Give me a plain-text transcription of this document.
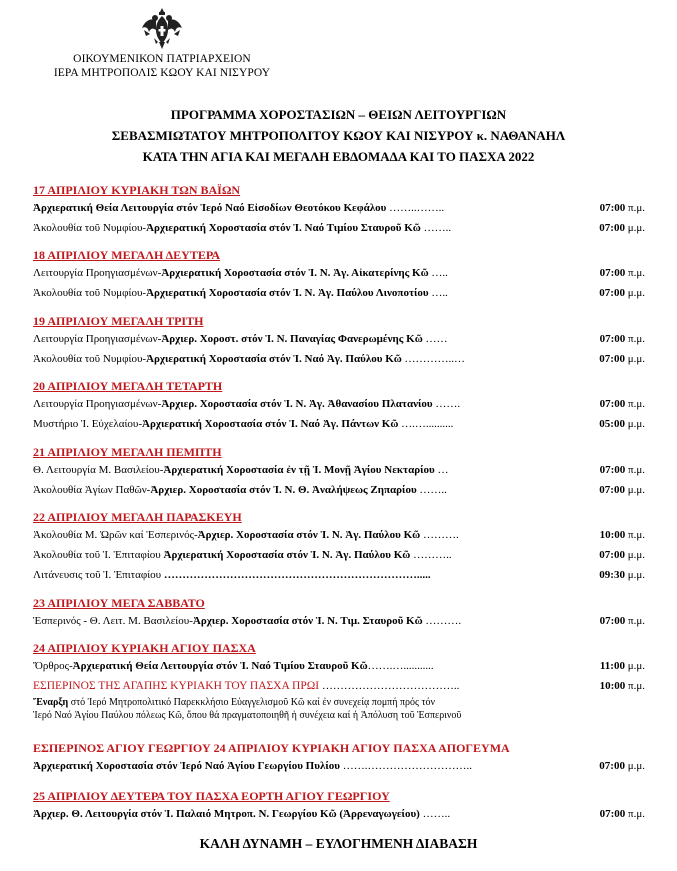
ΟΙΚΟΥΜΕΝΙΚΟΝ ΠΑΤΡΙΑΡΧΕΙΟΝ
ΙΕΡΑ ΜΗΤΡΟΠΟΛΙΣ ΚΩΟΥ ΚΑΙ ΝΙΣΥΡΟΥ
ΠΡΟΓΡΑΜΜΑ ΧΟΡΟΣΤΑΣΙΩΝ – ΘΕΙΩΝ ΛΕΙΤΟΥΡΓΙΩΝ
ΣΕΒΑΣΜΙΩΤΑΤΟΥ ΜΗΤΡΟΠΟΛΙΤΟΥ ΚΩΟΥ ΚΑΙ ΝΙΣΥΡΟΥ κ. ΝΑΘΑΝΑΗΛ
ΚΑΤΑ ΤΗΝ ΑΓΙΑ ΚΑΙ ΜΕΓΑΛΗ ΕΒΔΟΜΑΔΑ ΚΑΙ ΤΟ ΠΑΣΧΑ 2022
17 ΑΠΡΙΛΙΟΥ ΚΥΡΙΑΚΗ ΤΩΝ ΒΑΪΩΝ
Ἀρχιερατική Θεία Λειτουργία στόν Ἱερό Ναό Εἰσοδίων Θεοτόκου Κεφάλου ……..……..	07:00 π.μ.
Ἀκολουθία τοῦ Νυμφίου-Ἀρχιερατική Χοροστασία στόν Ἱ. Ναό Τιμίου Σταυροῦ Κῶ ……..	07:00 μ.μ.
18 ΑΠΡΙΛΙΟΥ ΜΕΓΑΛΗ ΔΕΥΤΕΡΑ
Λειτουργία Προηγιασμένων-Ἀρχιερατική Χοροστασία στόν Ἱ. Ν. Ἁγ. Αἰκατερίνης Κῶ …..	07:00 π.μ.
Ἀκολουθία τοῦ Νυμφίου-Ἀρχιερατική Χοροστασία στόν Ἱ. Ν. Ἁγ. Παύλου Λινοποτίου …..	07:00 μ.μ.
19 ΑΠΡΙΛΙΟΥ ΜΕΓΑΛΗ ΤΡΙΤΗ
Λειτουργία Προηγιασμένων-Ἀρχιερ. Χοροστ. στόν Ἱ. Ν. Παναγίας Φανερωμένης Κῶ ……	07:00 π.μ.
Ἀκολουθία τοῦ Νυμφίου-Ἀρχιερατική Χοροστασία στόν Ἱ. Ναό Ἁγ. Παύλου Κῶ …………..…	07:00 μ.μ.
20 ΑΠΡΙΛΙΟΥ ΜΕΓΑΛΗ ΤΕΤΑΡΤΗ
Λειτουργία Προηγιασμένων-Ἀρχιερ. Χοροστασία στόν Ἱ. Ν. Ἁγ. Ἀθανασίου Πλατανίου …….	07:00 π.μ.
Μυστήριο Ἱ. Εὐχελαίου-Ἀρχιερατική Χοροστασία στόν Ἱ. Ναό Ἁγ. Πάντων Κῶ ….…..........	05:00 μ.μ.
21 ΑΠΡΙΛΙΟΥ ΜΕΓΑΛΗ ΠΕΜΠΤΗ
Θ. Λειτουργία Μ. Βασιλείου-Ἀρχιερατική Χοροστασία ἐν τῇ Ἱ. Μονῇ Ἁγίου Νεκταρίου …	07:00 π.μ.
Ἀκολουθία Ἁγίων Παθῶν-Ἀρχιερ. Χοροστασία στόν Ἱ. Ν. Θ. Ἀναλήψεως Ζηπαρίου ……..	07:00 μ.μ.
22 ΑΠΡΙΛΙΟΥ ΜΕΓΑΛΗ ΠΑΡΑΣΚΕΥΗ
Ἀκολουθία Μ. Ὡρῶν καί Ἑσπερινός-Ἀρχιερ. Χοροστασία στόν Ἱ. Ν. Ἁγ. Παύλου Κῶ ……….	10:00 π.μ.
Ἀκολουθία τοῦ Ἱ. Ἐπιταφίου Ἀρχιερατική Χοροστασία στόν Ἱ. Ν. Ἁγ. Παύλου Κῶ ………..	07:00 μ.μ.
Λιτάνευσις τοῦ Ἱ. Ἐπιταφίου …………………………………………………………….....	09:30 μ.μ.
23 ΑΠΡΙΛΙΟΥ ΜΕΓΑ ΣΑΒΒΑΤΟ
Ἑσπερινός - Θ. Λειτ. Μ. Βασιλείου-Ἀρχιερ. Χοροστασία στόν Ἱ. Ν. Τιμ. Σταυροῦ Κῶ ……….	07:00 π.μ.
24 ΑΠΡΙΛΙΟΥ ΚΥΡΙΑΚΗ ΑΓΙΟΥ ΠΑΣΧΑ
Ὄρθρος-Ἀρχιερατική Θεία Λειτουργία στόν Ἱ. Ναό Τιμίου Σταυροῦ Κῶ…….…...........	11:00 μ.μ.
ΕΣΠΕΡΙΝΟΣ ΤΗΣ ΑΓΑΠΗΣ ΚΥΡΙΑΚΗ ΤΟΥ ΠΑΣΧΑ ΠΡΩΙ ………………………………..	10:00 π.μ.
Ἔναρξη στό Ἱερό Μητροπολιτικό Παρεκκλήσιο Εὐαγγελισμοῦ Κῶ καί ἐν συνεχείᾳ πομπή πρός τόν
Ἱερό Ναό Ἁγίου Παύλου πόλεως Κῶ, ὅπου θά πραγματοποιηθῆ ἡ συνέχεια καί ἡ Ἀπόλυση τοῦ Ἑσπερινοῦ
ΕΣΠΕΡΙΝΟΣ ΑΓΙΟΥ ΓΕΩΡΓΙΟΥ 24 ΑΠΡΙΛΙΟΥ ΚΥΡΙΑΚΗ ΑΓΙΟΥ ΠΑΣΧΑ ΑΠΟΓΕΥΜΑ
Ἀρχιερατική Χοροστασία στόν Ἱερό Ναό Ἁγίου Γεωργίου Πυλίου …….………………………..	07:00 μ.μ.
25 ΑΠΡΙΛΙΟΥ ΔΕΥΤΕΡΑ ΤΟΥ ΠΑΣΧΑ ΕΟΡΤΗ ΑΓΙΟΥ ΓΕΩΡΓΙΟΥ
Ἀρχιερ. Θ. Λειτουργία στόν Ἱ. Παλαιό Μητροπ. Ν. Γεωργίου Κῶ (Ἀρρεναγωγείου) ……..	07:00 π.μ.
ΚΑΛΗ ΔΥΝΑΜΗ – ΕΥΛΟΓΗΜΕΝΗ ΔΙΑΒΑΣΗ
